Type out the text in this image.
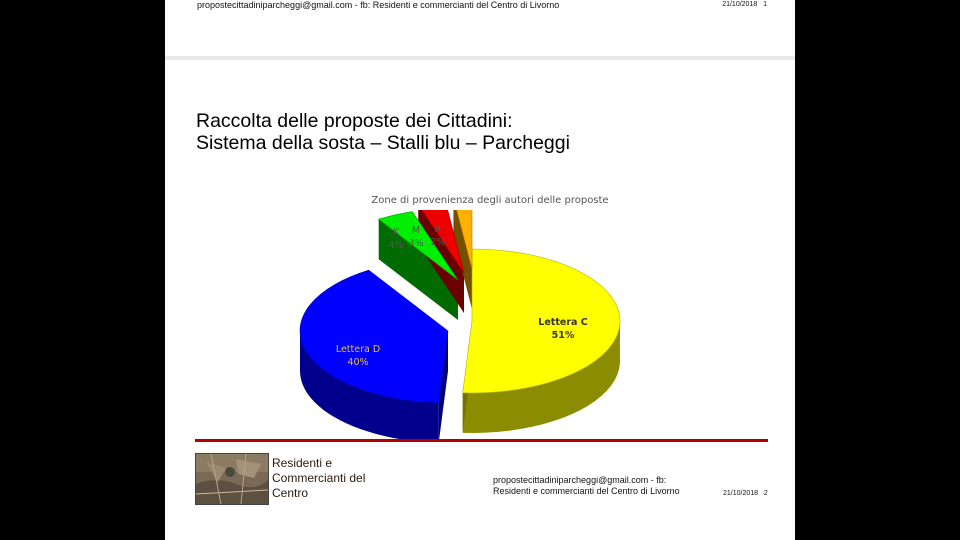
propostecittadiniparcheggi@gmail.com - fb: Residenti e commercianti del Centro di Livorno	21/10/2018 1
Raccolta delle proposte dei Cittadini:
Sistema della sosta – Stalli blu – Parcheggi
Zone di provenienza degli autori delle proposte
Lettera C
51%
Lettera D
40%
K
4%
M
3%
R
2%
Residenti e
Commercianti del
Centro
propostecittadiniparcheggi@gmail.com - fb:
Residenti e commercianti del Centro di Livorno	21/10/2018 2
